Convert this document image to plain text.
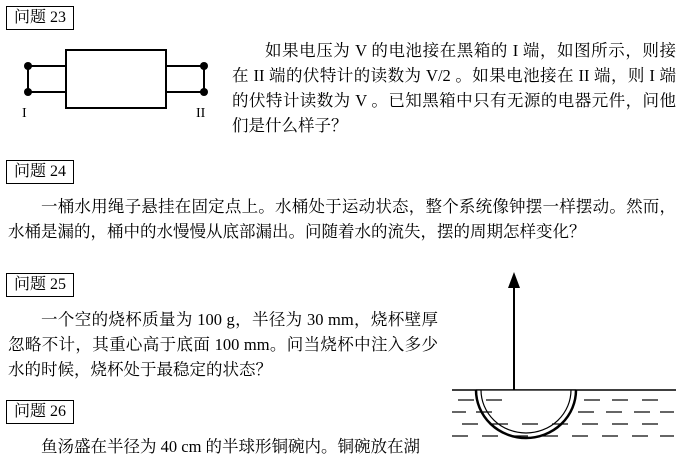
问题 23
I	II
如果电压为 V 的电池接在黑箱的 I 端，如图所示，则接在 II 端的伏特计的读数为 V/2 。如果电池接在 II 端，则 I 端的伏特计读数为 V 。已知黑箱中只有无源的电器元件，问他们是什么样子？
问题 24
一桶水用绳子悬挂在固定点上。水桶处于运动状态，整个系统像钟摆一样摆动。然而，水桶是漏的，桶中的水慢慢从底部漏出。问随着水的流失，摆的周期怎样变化？
问题 25
一个空的烧杯质量为 100 g，半径为 30 mm，烧杯壁厚忽略不计，其重心高于底面 100 mm。问当烧杯中注入多少水的时候，烧杯处于最稳定的状态？
问题 26
鱼汤盛在半径为 40 cm 的半球形铜碗内。铜碗放在湖
